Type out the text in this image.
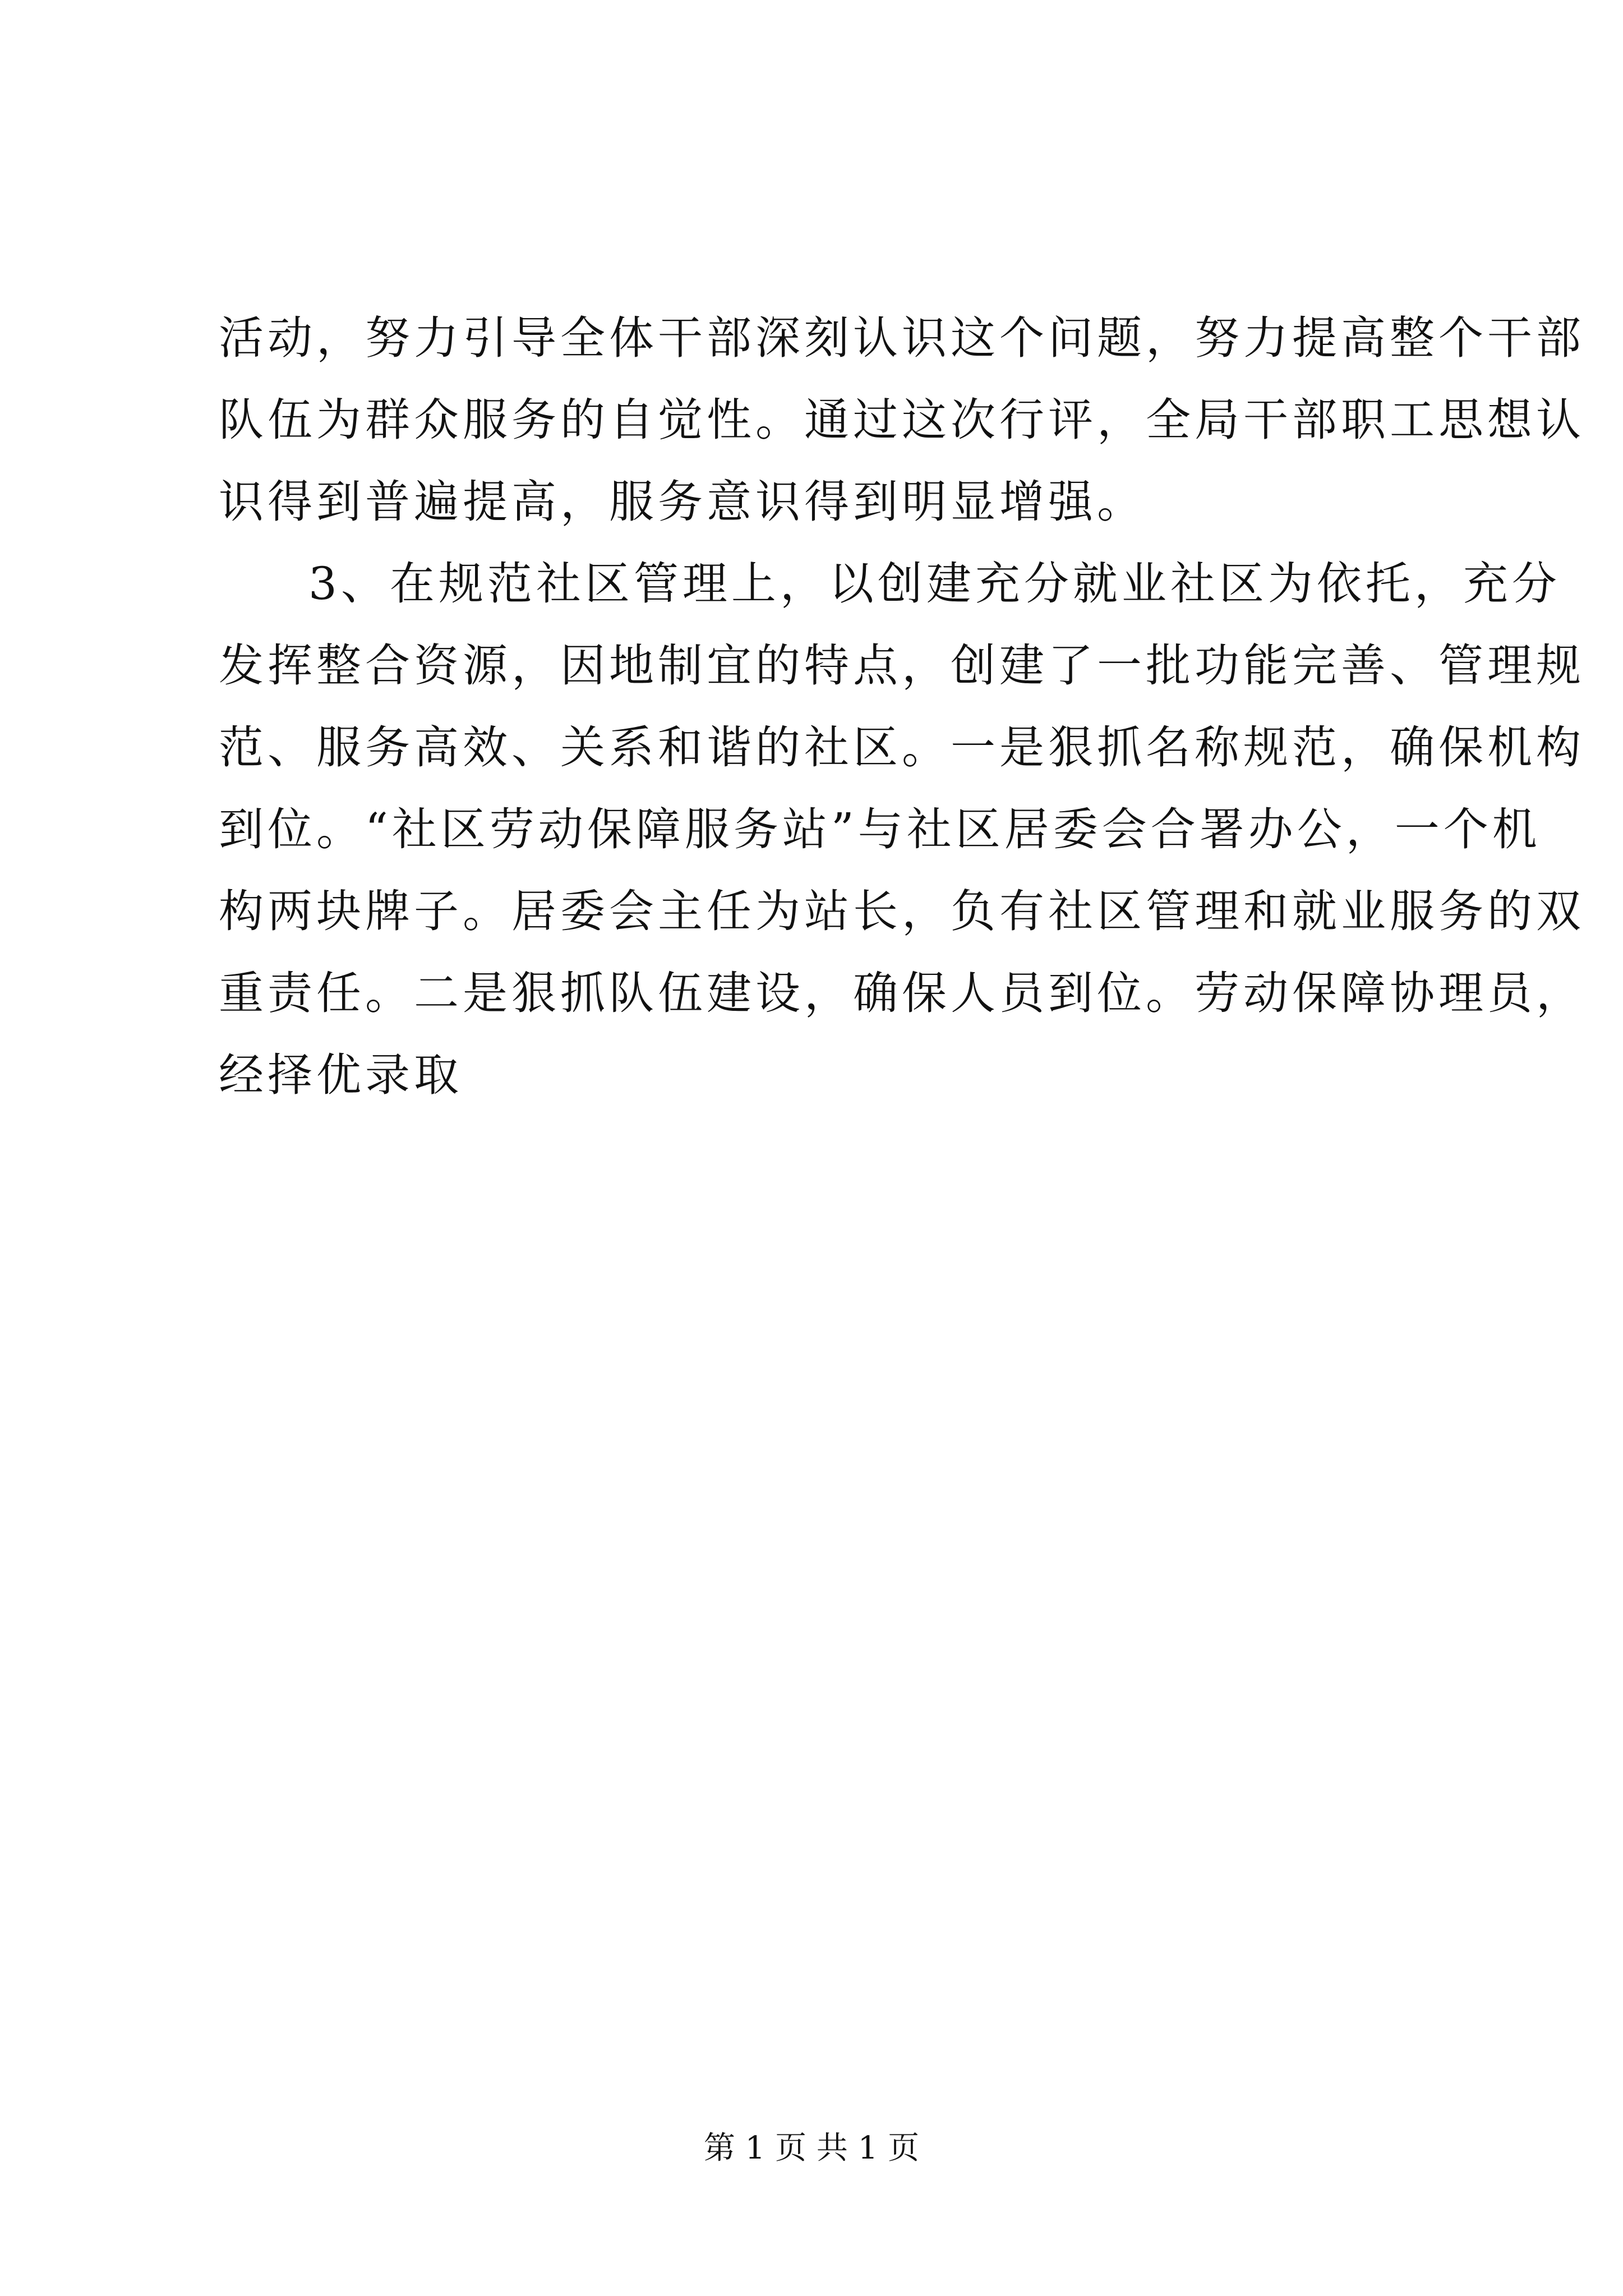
活动，努力引导全体干部深刻认识这个问题，努力提高整个干部
队伍为群众服务的自觉性。通过这次行评，全局干部职工思想认
识得到普遍提高，服务意识得到明显增强。
3、在规范社区管理上，以创建充分就业社区为依托，充分
发挥整合资源，因地制宜的特点，创建了一批功能完善、管理规
范、服务高效、关系和谐的社区。一是狠抓名称规范，确保机构
到位。“社区劳动保障服务站”与社区居委会合署办公，一个机
构两块牌子。居委会主任为站长，负有社区管理和就业服务的双
重责任。二是狠抓队伍建设，确保人员到位。劳动保障协理员，
经择优录取
第 1 页 共 1 页
